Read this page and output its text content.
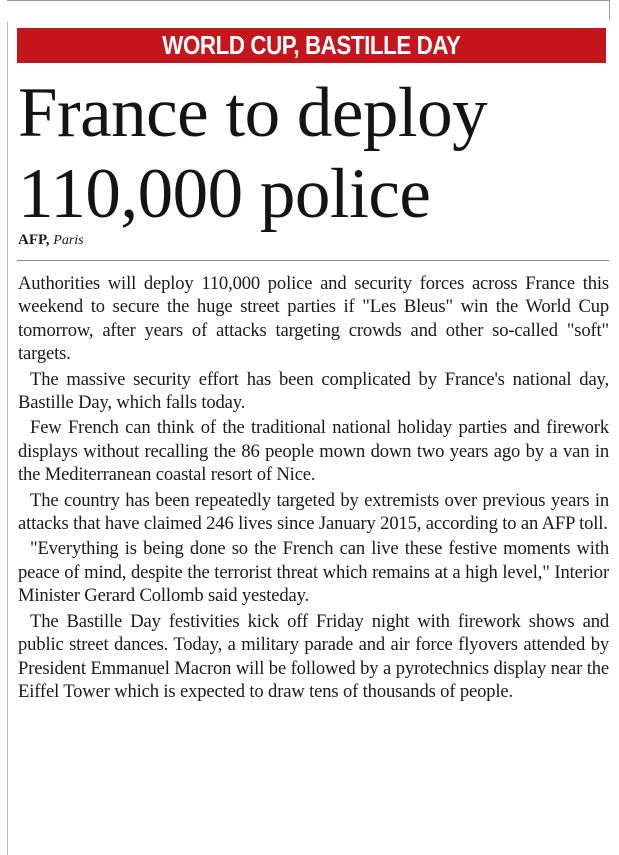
WORLD CUP, BASTILLE DAY
France to deploy
110,000 police
AFP, Paris

Authorities will deploy 110,000 police and security forces across France this weekend to secure the huge street parties if "Les Bleus" win the World Cup tomorrow, after years of attacks targeting crowds and other so-called "soft" targets.

The massive security effort has been complicated by France's national day, Bastille Day, which falls today.

Few French can think of the traditional national holiday parties and firework displays without recalling the 86 people mown down two years ago by a van in the Mediterranean coastal resort of Nice.

The country has been repeatedly targeted by extremists over previous years in attacks that have claimed 246 lives since January 2015, according to an AFP toll.

"Everything is being done so the French can live these festive moments with peace of mind, despite the terrorist threat which remains at a high level," Interior Minister Gerard Collomb said yesteday.

The Bastille Day festivities kick off Friday night with firework shows and public street dances. Today, a military parade and air force flyovers attended by President Emmanuel Macron will be followed by a pyrotechnics display near the Eiffel Tower which is expected to draw tens of thousands of people.
